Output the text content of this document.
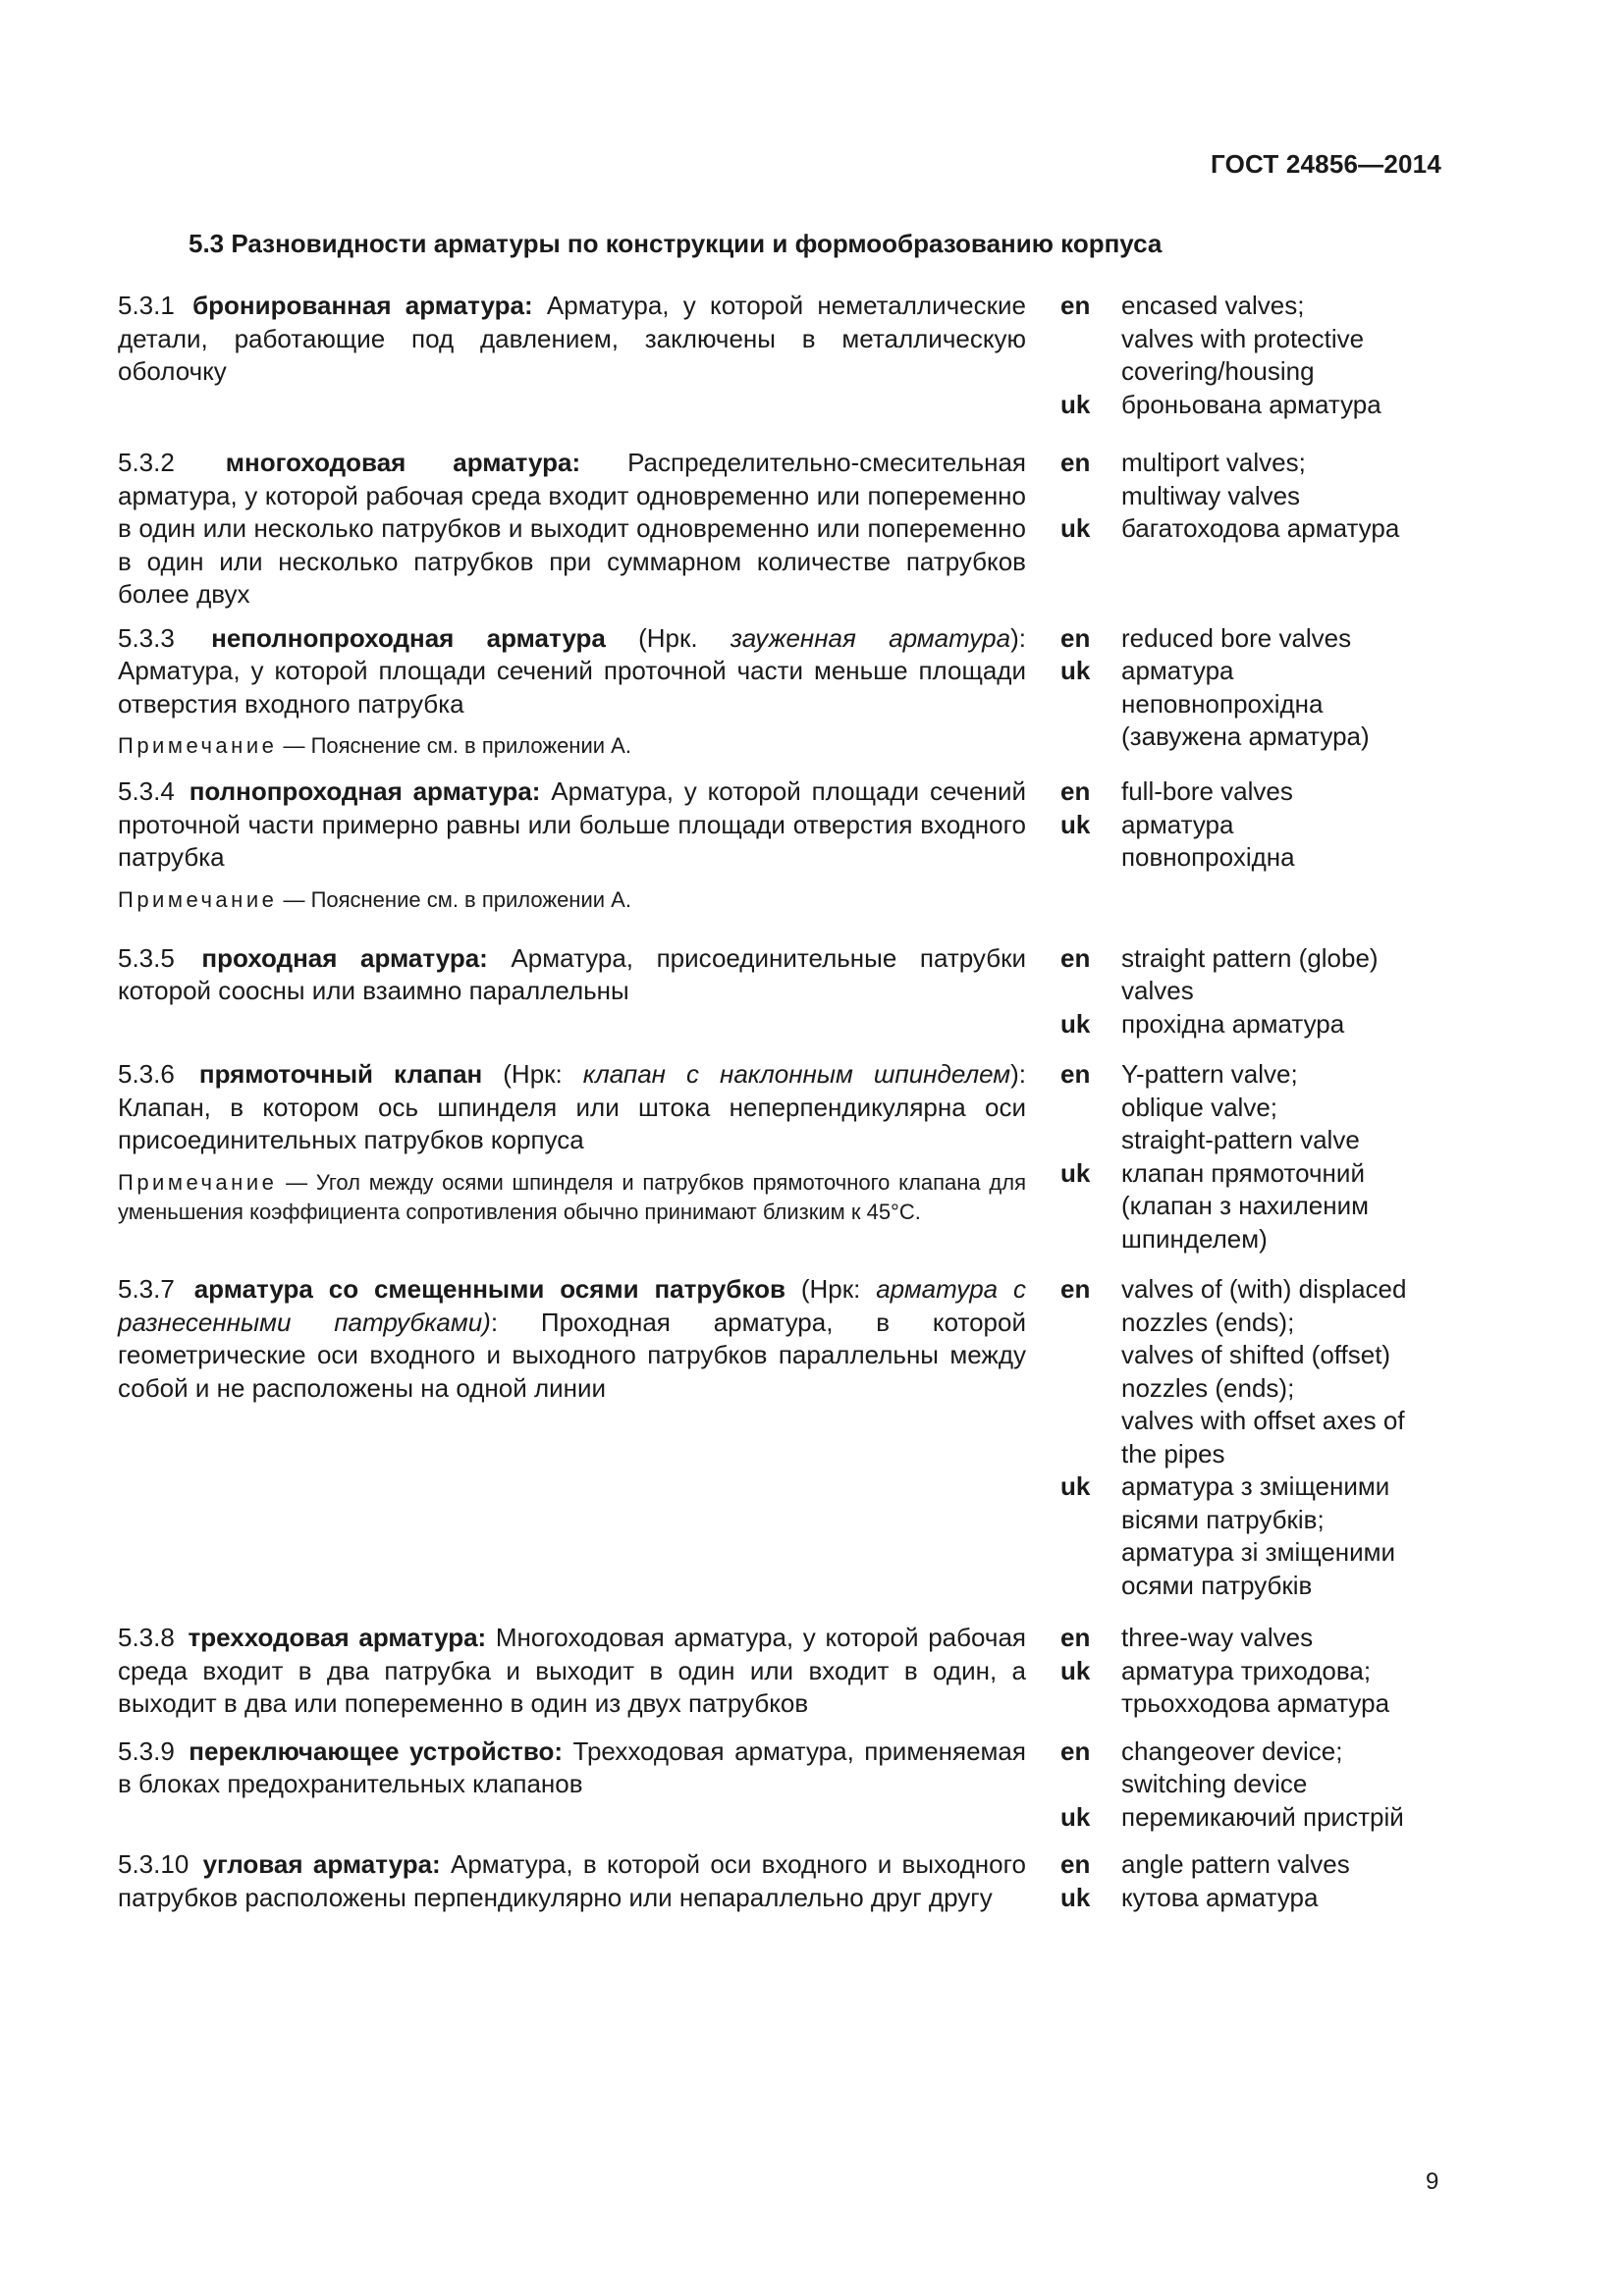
ГОСТ 24856—2014
5.3 Разновидности арматуры по конструкции и формообразованию корпуса
5.3.1 бронированная арматура: Арматура, у которой неметаллические детали, работающие под давлением, заключены в металлическую оболочку
en	encased valves;
valves with protective
covering/housing
uk	броньована арматура
5.3.2 многоходовая арматура: Распределительно-смесительная арматура, у которой рабочая среда входит одновременно или попеременно в один или несколько патрубков и выходит одновременно или попеременно в один или несколько патрубков при суммарном количестве патрубков более двух
en	multiport valves;
multiway valves
uk	багатоходова арматура
5.3.3 неполнопроходная арматура (Нрк. зауженная арматура): Арматура, у которой площади сечений проточной части меньше площади отверстия входного патрубка
Примечание — Пояснение см. в приложении А.
en	reduced bore valves
uk	арматура
неповнопрохідна
(завужена арматура)
5.3.4 полнопроходная арматура: Арматура, у которой площади сечений проточной части примерно равны или больше площади отверстия входного патрубка
Примечание — Пояснение см. в приложении А.
en	full-bore valves
uk	арматура повнопрохідна
5.3.5 проходная арматура: Арматура, присоединительные патрубки которой соосны или взаимно параллельны
en	straight pattern (globe)
valves
uk	прохідна арматура
5.3.6 прямоточный клапан (Нрк: клапан с наклонным шпинделем): Клапан, в котором ось шпинделя или штока неперпендикулярна оси присоединительных патрубков корпуса
Примечание — Угол между осями шпинделя и патрубков прямоточного клапана для уменьшения коэффициента сопротивления обычно принимают близким к 45°С.
en	Y-pattern valve;
oblique valve;
straight-pattern valve
uk	клапан прямоточний
(клапан з нахиленим
шпинделем)
5.3.7 арматура со смещенными осями патрубков (Нрк: арматура с разнесенными патрубками): Проходная арматура, в которой геометрические оси входного и выходного патрубков параллельны между собой и не расположены на одной линии
en	valves of (with) displaced
nozzles (ends);
valves of shifted (offset)
nozzles (ends);
valves with offset axes of
the pipes
uk	арматура з зміщеними
вісями патрубків;
арматура зі зміщеними
осями патрубків
5.3.8 трехходовая арматура: Многоходовая арматура, у которой рабочая среда входит в два патрубка и выходит в один или входит в один, а выходит в два или попеременно в один из двух патрубков
en	three-way valves
uk	арматура триходова;
трьохходова арматура
5.3.9 переключающее устройство: Трехходовая арматура, применяемая в блоках предохранительных клапанов
en	changeover device;
switching device
uk	перемикаючий пристрій
5.3.10 угловая арматура: Арматура, в которой оси входного и выходного патрубков расположены перпендикулярно или непараллельно друг другу
en	angle pattern valves
uk	кутова арматура
9
